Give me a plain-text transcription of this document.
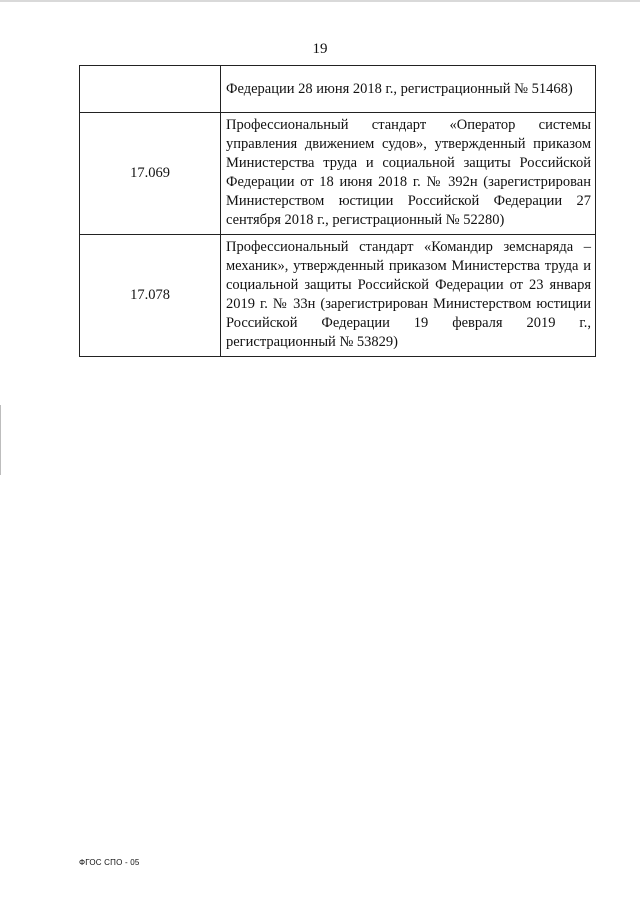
19
	Федерации 28 июня 2018 г., регистрационный № 51468)
17.069	Профессиональный стандарт «Оператор системы управления движением судов», утвержденный приказом Министерства труда и социальной защиты Российской Федерации от 18 июня 2018 г. № 392н (зарегистрирован Министерством юстиции Российской Федерации 27 сентября 2018 г., регистрационный № 52280)
17.078	Профессиональный стандарт «Командир земснаряда – механик», утвержденный приказом Министерства труда и социальной защиты Российской Федерации от 23 января 2019 г. № 33н (зарегистрирован Министерством юстиции Российской Федерации 19 февраля 2019 г., регистрационный № 53829)
ФГОС СПО - 05
